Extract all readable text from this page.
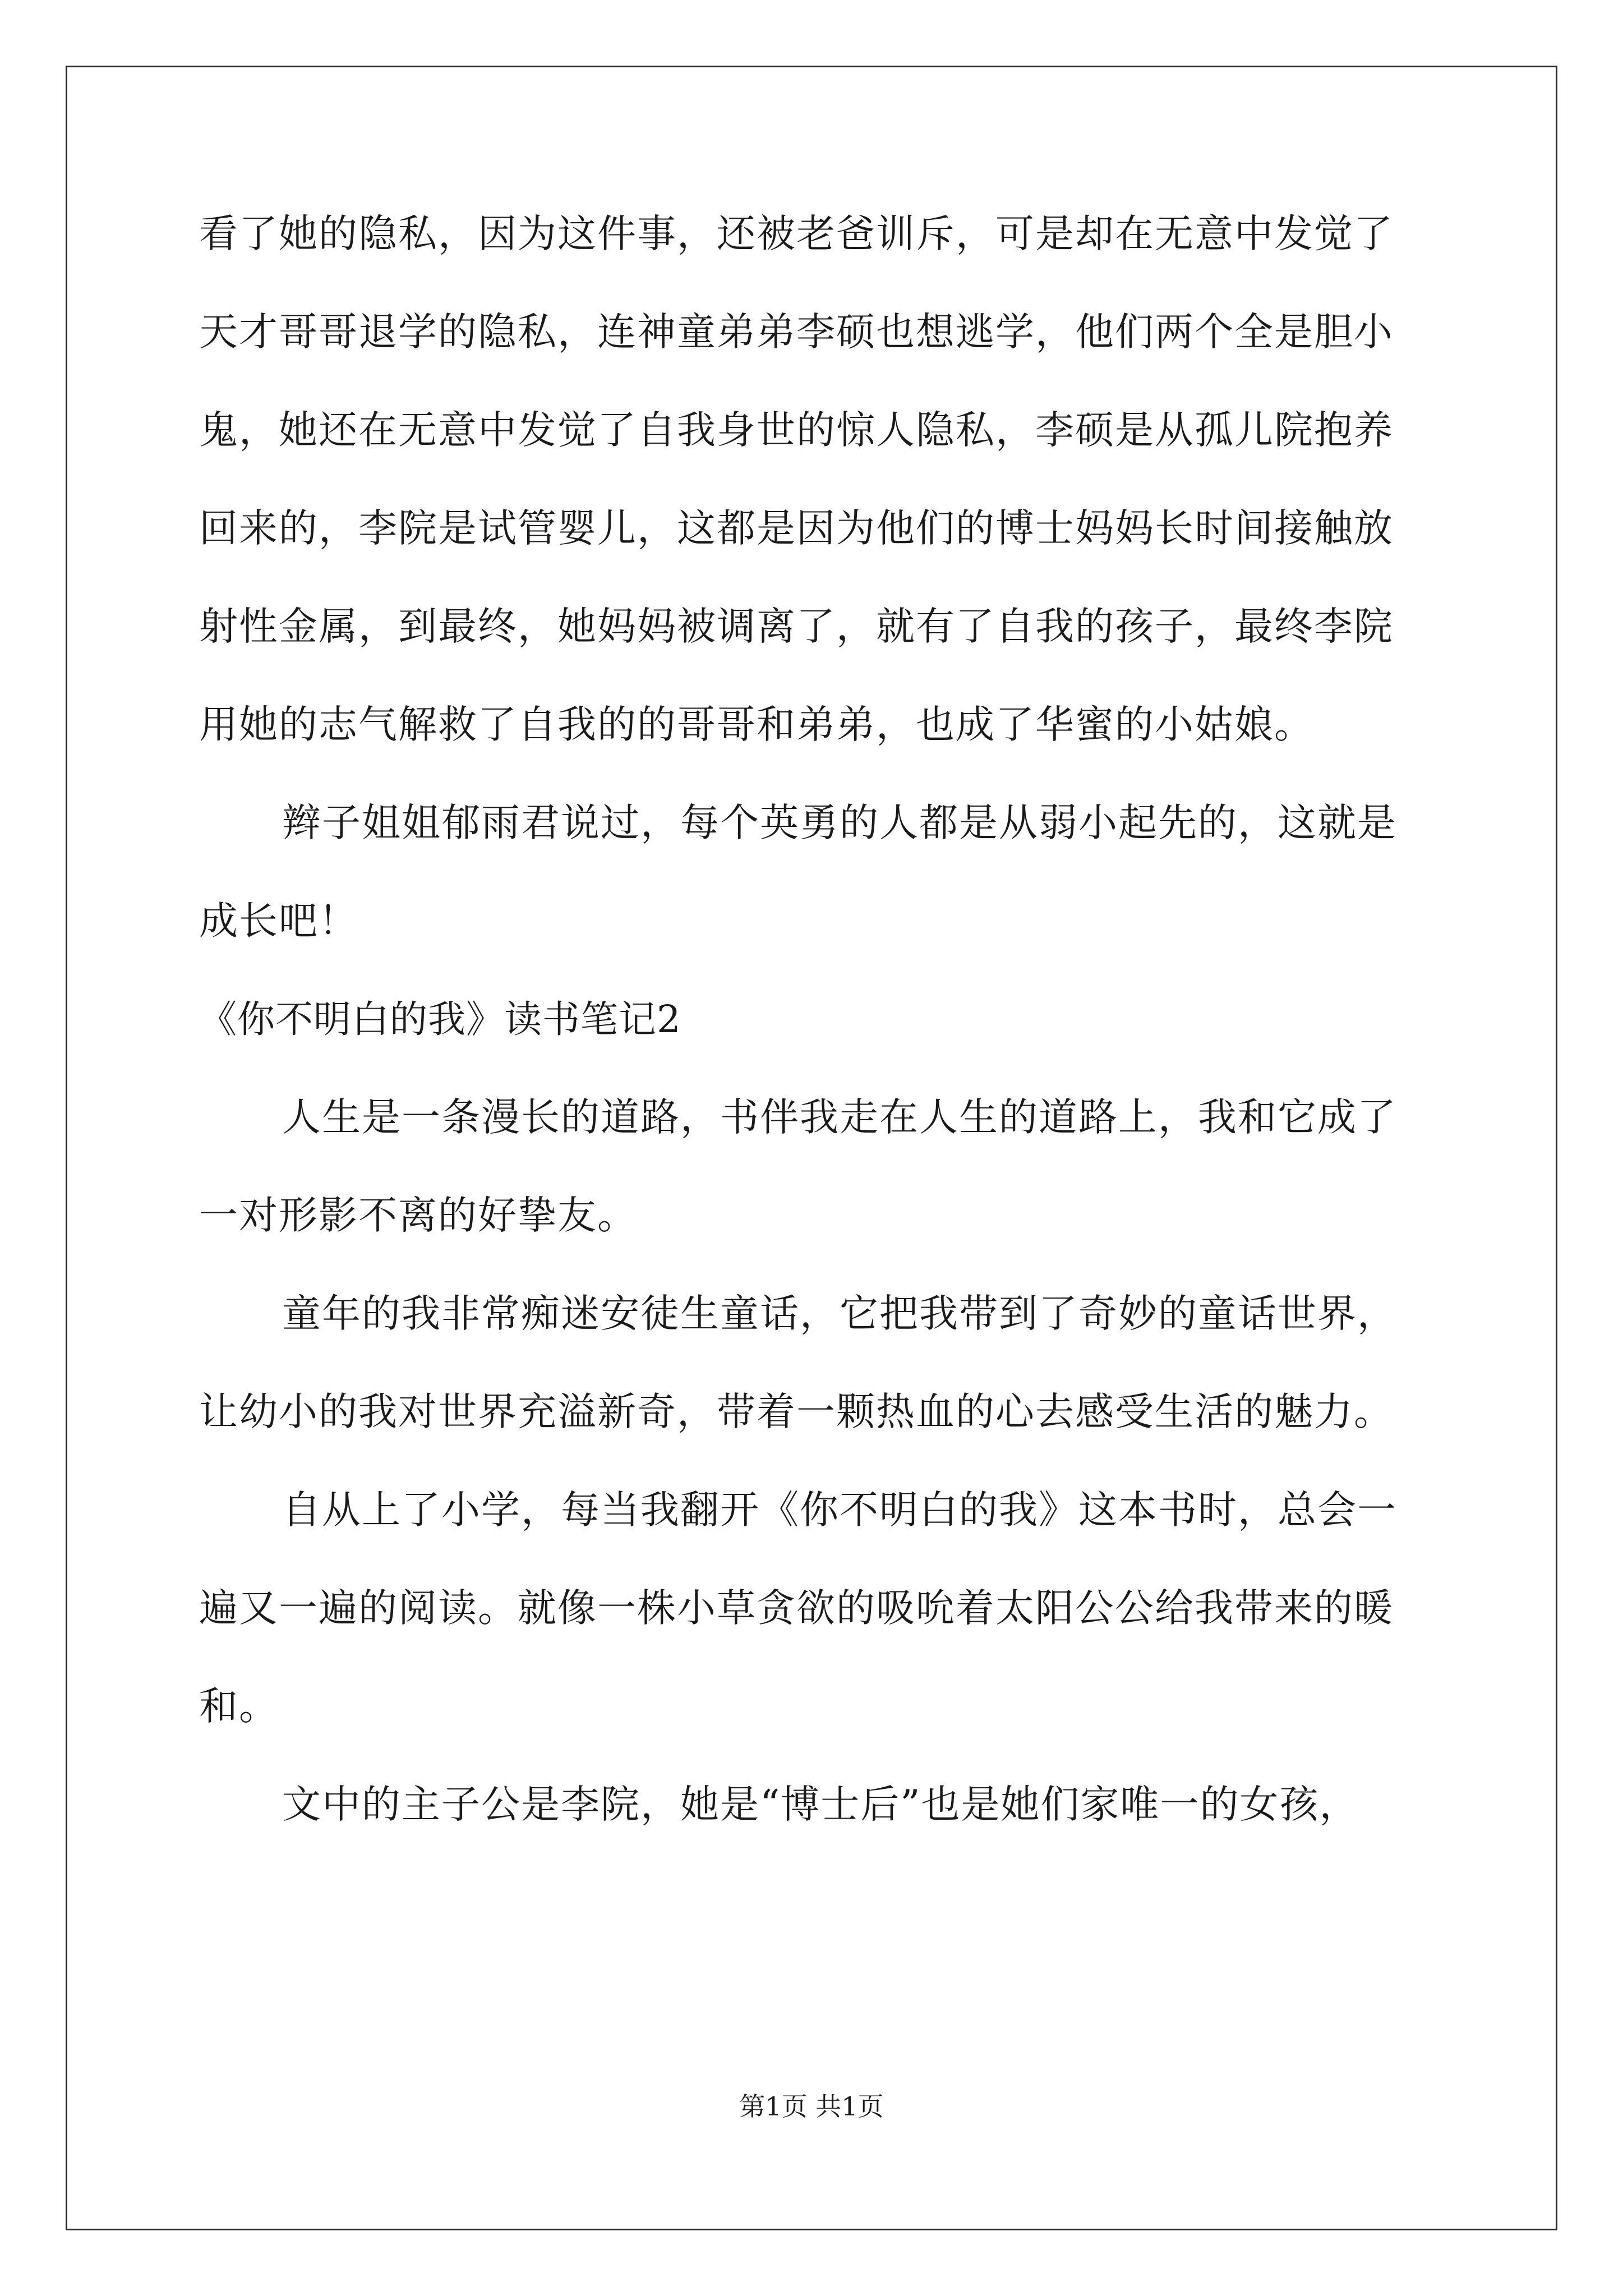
看了她的隐私，因为这件事，还被老爸训斥，可是却在无意中发觉了
天才哥哥退学的隐私，连神童弟弟李硕也想逃学，他们两个全是胆小
鬼，她还在无意中发觉了自我身世的惊人隐私，李硕是从孤儿院抱养
回来的，李院是试管婴儿，这都是因为他们的博士妈妈长时间接触放
射性金属，到最终，她妈妈被调离了，就有了自我的孩子，最终李院
用她的志气解救了自我的的哥哥和弟弟，也成了华蜜的小姑娘。
辫子姐姐郁雨君说过，每个英勇的人都是从弱小起先的，这就是
成长吧！
《你不明白的我》读书笔记2
人生是一条漫长的道路，书伴我走在人生的道路上，我和它成了
一对形影不离的好挚友。
童年的我非常痴迷安徒生童话，它把我带到了奇妙的童话世界，
让幼小的我对世界充溢新奇，带着一颗热血的心去感受生活的魅力。
自从上了小学，每当我翻开《你不明白的我》这本书时，总会一
遍又一遍的阅读。就像一株小草贪欲的吸吮着太阳公公给我带来的暖
和。
文中的主子公是李院，她是“博士后”也是她们家唯一的女孩，
第1页 共1页
